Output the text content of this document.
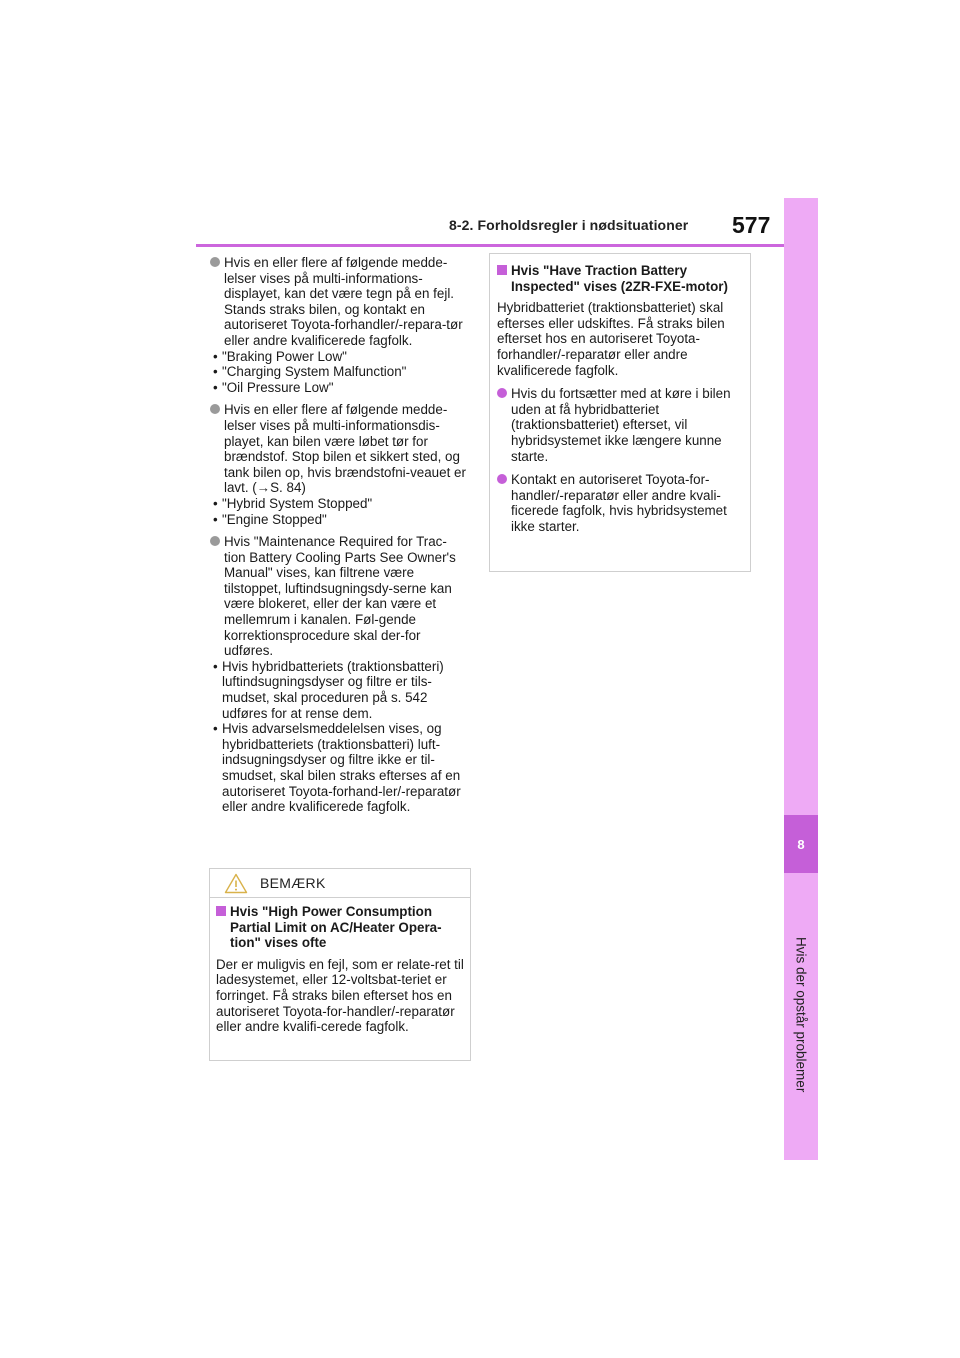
8-2. Forholdsregler i nødsituationer 577
8
Hvis der opstår problemer
Hvis en eller flere af følgende medde-lelser vises på multi-informations-displayet, kan det være tegn på en fejl. Stands straks bilen, og kontakt en autoriseret Toyota-forhandler/-repara-tør eller andre kvalificerede fagfolk.
• "Braking Power Low"
• "Charging System Malfunction"
• "Oil Pressure Low"
Hvis en eller flere af følgende medde-lelser vises på multi-informationsdis-playet, kan bilen være løbet tør for brændstof. Stop bilen et sikkert sted, og tank bilen op, hvis brændstofni-veauet er lavt. (→S. 84)
• "Hybrid System Stopped"
• "Engine Stopped"
Hvis "Maintenance Required for Trac-tion Battery Cooling Parts See Owner's Manual" vises, kan filtrene være tilstoppet, luftindsugningsdy-serne kan være blokeret, eller der kan være et mellemrum i kanalen. Føl-gende korrektionsprocedure skal der-for udføres.
• Hvis hybridbatteriets (traktionsbatteri) luftindsugningsdyser og filtre er tils-mudset, skal proceduren på s. 542 udføres for at rense dem.
• Hvis advarselsmeddelelsen vises, og hybridbatteriets (traktionsbatteri) luft-indsugningsdyser og filtre ikke er til-smudset, skal bilen straks efterses af en autoriseret Toyota-forhand-ler/-reparatør eller andre kvalificerede fagfolk.
BEMÆRK
Hvis "High Power Consumption Partial Limit on AC/Heater Opera-tion" vises ofte
Der er muligvis en fejl, som er relate-ret til ladesystemet, eller 12-voltsbat-teriet er forringet. Få straks bilen efterset hos en autoriseret Toyota-for-handler/-reparatør eller andre kvalifi-cerede fagfolk.
Hvis "Have Traction Battery Inspected" vises (2ZR-FXE-motor)
Hybridbatteriet (traktionsbatteriet) skal efterses eller udskiftes. Få straks bilen efterset hos en autoriseret Toyota-forhandler/-reparatør eller andre kvalificerede fagfolk.
Hvis du fortsætter med at køre i bilen uden at få hybridbatteriet (traktionsbatteriet) efterset, vil hybridsystemet ikke længere kunne starte.
Kontakt en autoriseret Toyota-for-handler/-reparatør eller andre kvali-ficerede fagfolk, hvis hybridsystemet ikke starter.
